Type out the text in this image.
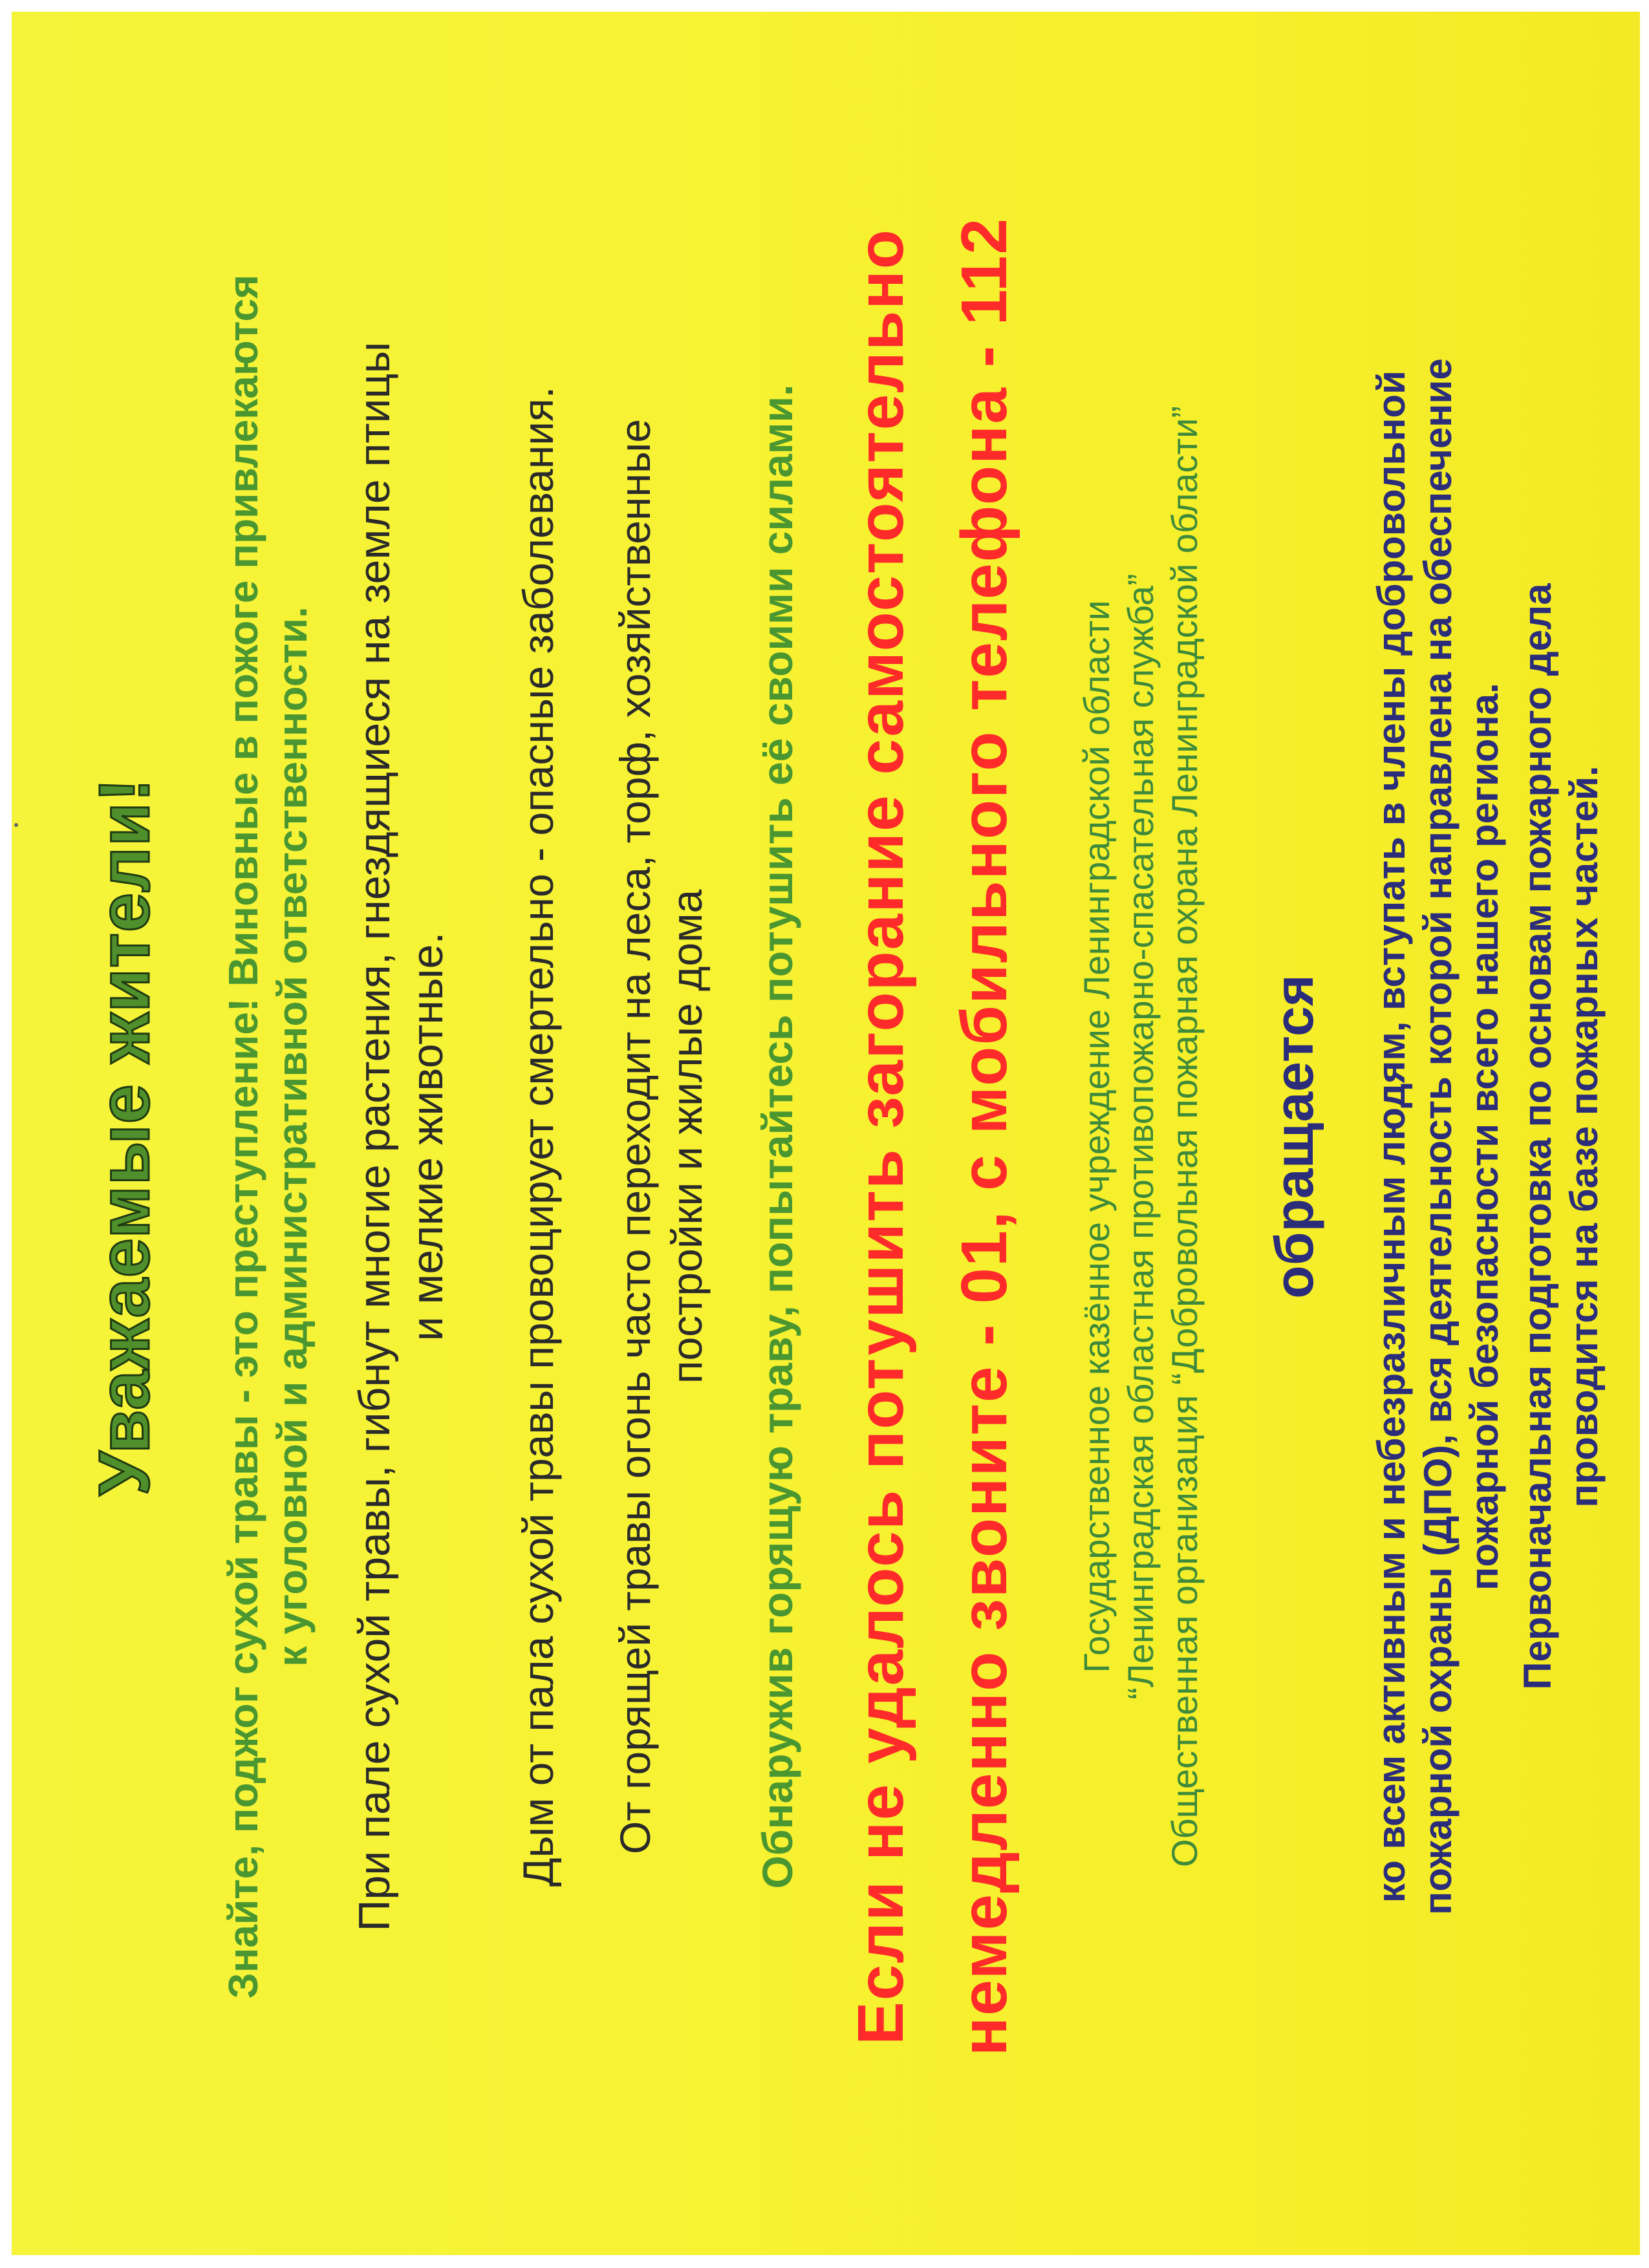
Уважаемые жители! Знайте, поджог сухой травы - это преступление! Виновные в пожоге привлекаются к уголовной и административной ответственности. При пале сухой травы, гибнут многие растения, гнездящиеся на земле птицы и мелкие животные. Дым от пала сухой травы провоцирует смертельно - опасные заболевания. От горящей травы огонь часто переходит на леса, торф, хозяйственные постройки и жилые дома Обнаружив горящую траву, попытайтесь потушить её своими силами. Если не удалось потушить загорание самостоятельно немедленно звоните - 01, с мобильного телефона - 112	Государственное казённое учреждение Ленинградской области “Ленинградская областная противопожарно-спасательная служба” Общественная организация “Добровольная пожарная охрана Ленинградской области” обращается ко всем активным и небезразличным людям, вступать в члены добровольной пожарной охраны (ДПО), вся деятельность которой направлена на обеспечение пожарной безопасности всего нашего региона. Первоначальная подготовка по основам пожарного дела проводится на базе пожарных частей.
